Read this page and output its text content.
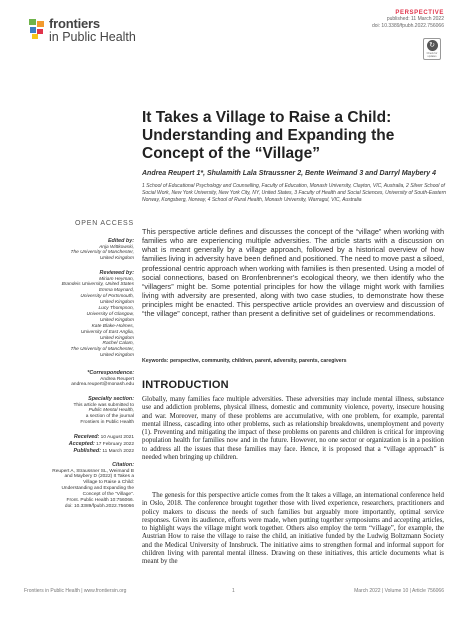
frontiers
in Public Health
PERSPECTIVE
published: 11 March 2022
doi: 10.3389/fpubh.2022.756066
↻
Check for updates
It Takes a Village to Raise a Child: Understanding and Expanding the Concept of the “Village”
Andrea Reupert 1*, Shulamith Lala Straussner 2, Bente Weimand 3 and Darryl Maybery 4
1 School of Educational Psychology and Counselling, Faculty of Education, Monash University, Clayton, VIC, Australia, 2 Silver School of Social Work, New York University, New York City, NY, United States, 3 Faculty of Health and Social Sciences, University of South-Eastern Norway, Kongsberg, Norway, 4 School of Rural Health, Monash University, Warragul, VIC, Australia
OPEN ACCESS
Edited by:
Anja Wittkowski,
The University of Manchester,
United Kingdom
Reviewed by:
Miriam Heyman,
Brandeis University, United States
Emma Maynard,
University of Portsmouth,
United Kingdom
Lucy Thompson,
University of Glasgow,
United Kingdom
Kate Blake-Holmes,
University of East Anglia,
United Kingdom
Rachel Calam,
The University of Manchester,
United Kingdom
*Correspondence:
Andrea Reupert
andrea.reupert@monash.edu
Specialty section:
This article was submitted to
Public Mental Health,
a section of the journal
Frontiers in Public Health
Received: 10 August 2021
Accepted: 17 February 2022
Published: 11 March 2022
Citation:
Reupert A, Straussner SL, Weimand B
and Maybery D (2022) It Takes a
Village to Raise a Child:
Understanding and Expanding the
Concept of the “Village”.
Front. Public Health 10:756066.
doi: 10.3389/fpubh.2022.756066
This perspective article defines and discusses the concept of the “village” when working with families who are experiencing multiple adversities. The article starts with a discussion on what is meant generally by a village approach, followed by a historical overview of how families living in adversity have been defined and positioned. The need to move past a siloed, professional centric approach when working with families is then presented. Using a model of social connections, based on Bronfenbrenner’s ecological theory, we then identify who the “villagers” might be. Some potential principles for how the village might work with families living with adversity are presented, along with two case studies, to demonstrate how these principles might be enacted. This perspective article provides an overview and discussion of “the village” concept, rather than present a definitive set of guidelines or recommendations.
Keywords: perspective, community, children, parent, adversity, parents, caregivers
INTRODUCTION
Globally, many families face multiple adversities. These adversities may include mental illness, substance use and addiction problems, physical illness, domestic and community violence, poverty, insecure housing and war. Moreover, many of these problems are accumulative, with one problem, for example, parental mental illness, cascading into other problems, such as relationship breakdowns, unemployment and poverty (1). Preventing and mitigating the impact of these problems on parents and children is critical for improving population health for families now and in the future. However, no one sector or organization is in a position to address all the issues that these families may face. Hence, it is proposed that a “village approach” is needed when bringing up children.
The genesis for this perspective article comes from the It takes a village, an international conference held in Oslo, 2018. The conference brought together those with lived experience, researchers, practitioners and policy makers to discuss the needs of such families but arguably more importantly, optimal service responses. Given its audience, efforts were made, when putting together symposiums and accepting articles, to highlight ways the village might work together. Others also employ the term “village”, for example, the Austrian How to raise the village to raise the child, an initiative funded by the Ludwig Boltzmann Society and the Medical University of Innsbruck. The initiative aims to strengthen formal and informal support for children living with parental mental illness. Drawing on these initiatives, this article documents what is meant by the
Frontiers in Public Health | www.frontiersin.org	1	March 2022 | Volume 10 | Article 756066
